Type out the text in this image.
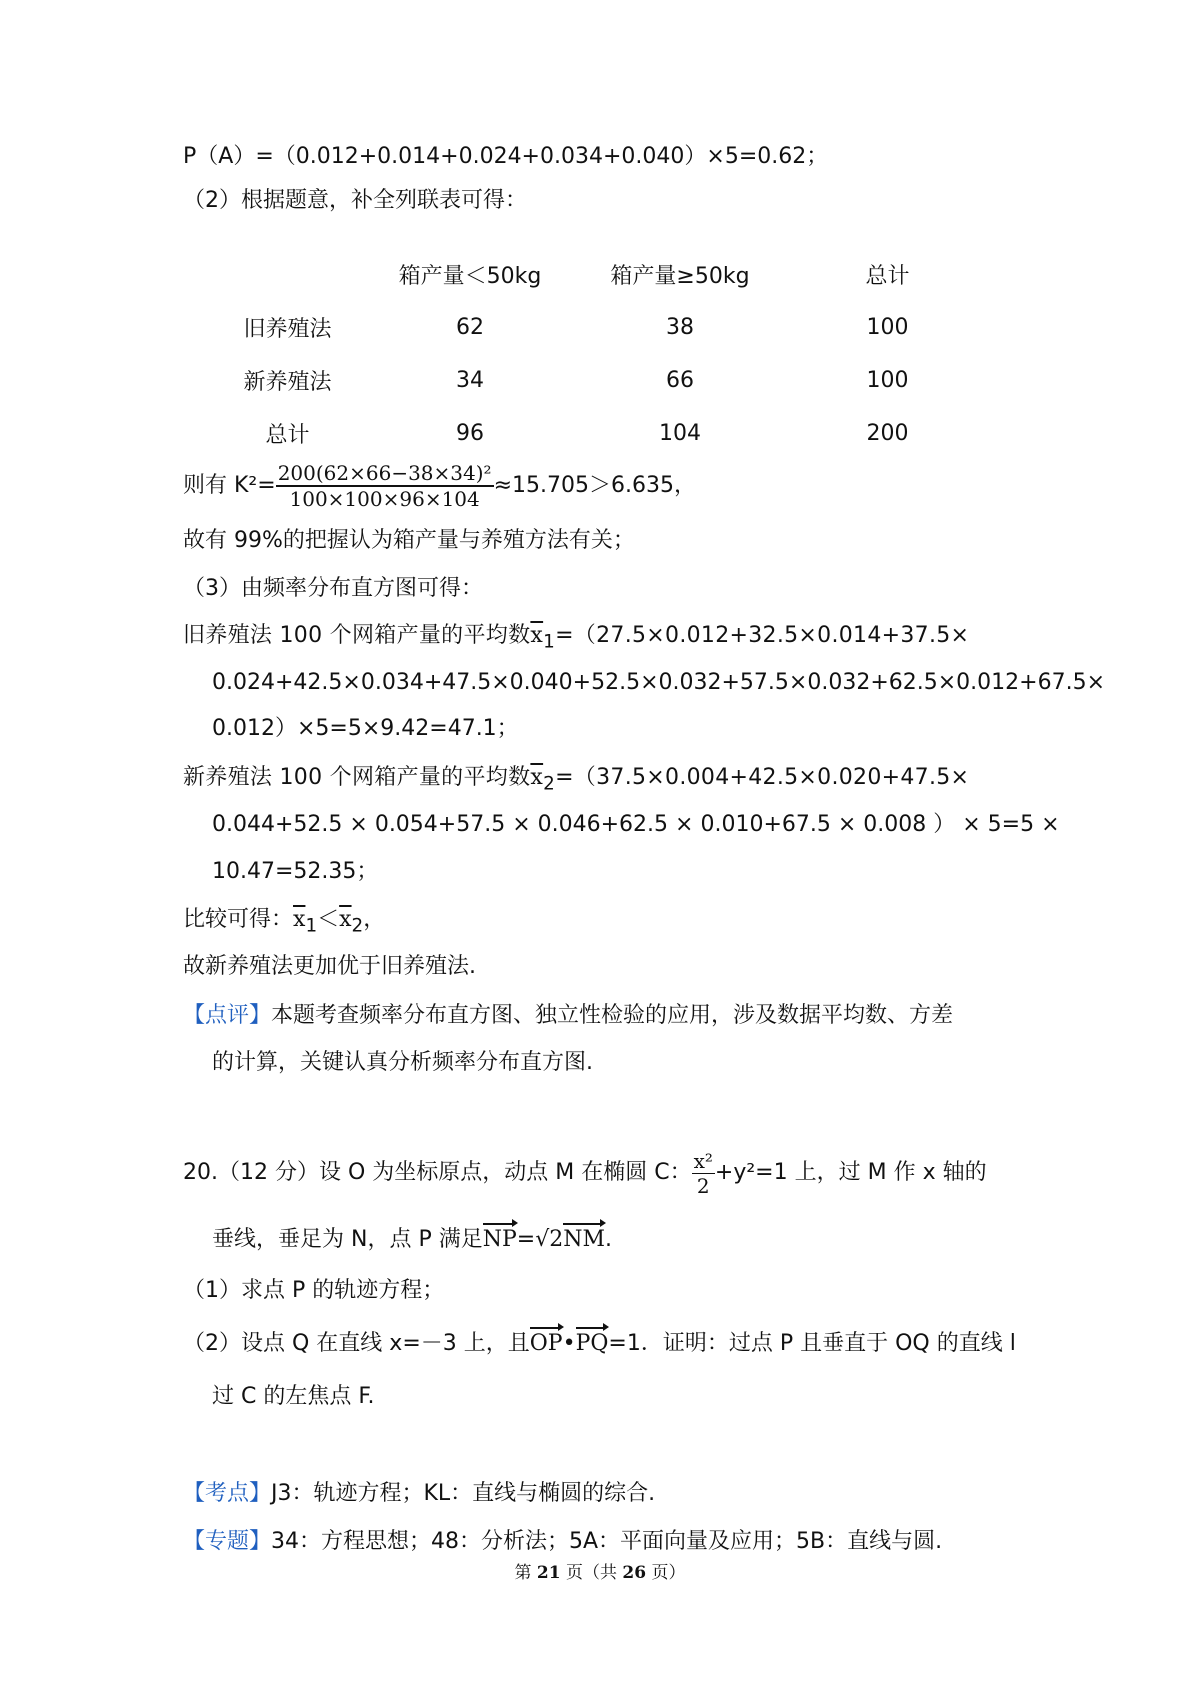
P（A）=（0.012+0.014+0.024+0.034+0.040）×5=0.62；
（2）根据题意，补全列联表可得：
	箱产量＜50kg	箱产量≥50kg	总计
旧养殖法	62	38	100
新养殖法	34	66	100
总计	96	104	200
则有 $K^2= \frac{\text{200(62×66−38×34)²}}{100\times 100\times 96\times 104} \approx 15.705>6.635$，
故有 99%的把握认为箱产量与养殖方法有关；
（3）由频率分布直方图可得：
旧养殖法 100 个网箱产量的平均数$\overline{x}_1=(27.5\times 0.012+32.5\times 0.014+37.5\times$
0.024+42.5×0.034+47.5×0.040+52.5×0.032+57.5×0.032+62.5×0.012+67.5×
0.012）×5=5×9.42=47.1；
新养殖法 100 个网箱产量的平均数$\overline{x}_2=(37.5\times 0.004+42.5\times 0.020+47.5\times$
0.044+52.5 × 0.054+57.5 × 0.046+62.5 × 0.010+67.5 × 0.008 ） × 5=5 ×
10.47=52.35；
比较可得：$\overline{x}_1<\overline{x}_2$，
故新养殖法更加优于旧养殖法.
【点评】本题考查频率分布直方图、独立性检验的应用，涉及数据平均数、方差
的计算，关键认真分析频率分布直方图.
20.（12 分）设 O 为坐标原点，动点 M 在椭圆 C： $\frac{\text{x²}}{2} +y^2=1$ 上，过 M 作 x 轴的
垂线，垂足为 N，点 P 满足NP=√2NM.
（1）求点 P 的轨迹方程；
（2）设点 Q 在直线 x=－3 上，且OP•PQ=1．证明：过点 P 且垂直于 OQ 的直线 l
过 C 的左焦点 F.
【考点】J3：轨迹方程；KL：直线与椭圆的综合.
【专题】34：方程思想；48：分析法；5A：平面向量及应用；5B：直线与圆.
第 21 页（共 26 页）
